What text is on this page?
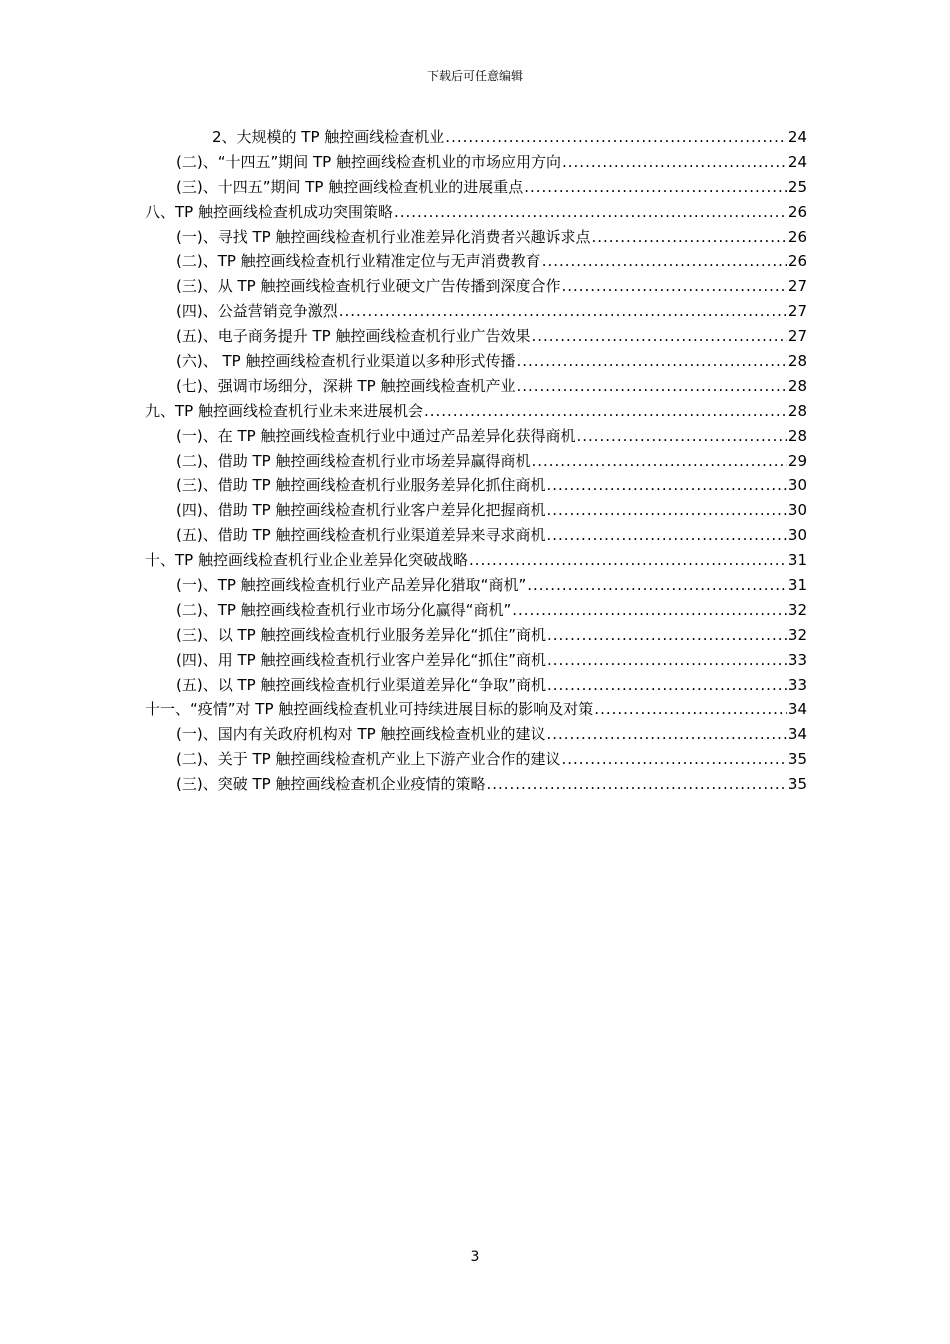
下载后可任意编辑
2、大规模的 TP 触控画线检查机业 .....	24
(二)、“十四五”期间 TP 触控画线检查机业的市场应用方向 .....	24
(三)、十四五”期间 TP 触控画线检查机业的进展重点 .....	25
八、TP 触控画线检查机成功突围策略 .....	26
(一)、寻找 TP 触控画线检查机行业准差异化消费者兴趣诉求点 .....	26
(二)、TP 触控画线检查机行业精准定位与无声消费教育 .....	26
(三)、从 TP 触控画线检查机行业硬文广告传播到深度合作 .....	27
(四)、公益营销竞争激烈 .....	27
(五)、电子商务提升 TP 触控画线检查机行业广告效果 .....	27
(六)、 TP 触控画线检查机行业渠道以多种形式传播 .....	28
(七)、强调市场细分，深耕 TP 触控画线检查机产业 .....	28
九、TP 触控画线检查机行业未来进展机会 .....	28
(一)、在 TP 触控画线检查机行业中通过产品差异化获得商机 .....	28
(二)、借助 TP 触控画线检查机行业市场差异赢得商机 .....	29
(三)、借助 TP 触控画线检查机行业服务差异化抓住商机 .....	30
(四)、借助 TP 触控画线检查机行业客户差异化把握商机 .....	30
(五)、借助 TP 触控画线检查机行业渠道差异来寻求商机 .....	30
十、TP 触控画线检查机行业企业差异化突破战略 .....	31
(一)、TP 触控画线检查机行业产品差异化猎取“商机” .....	31
(二)、TP 触控画线检查机行业市场分化赢得“商机” .....	32
(三)、以 TP 触控画线检查机行业服务差异化“抓住”商机 .....	32
(四)、用 TP 触控画线检查机行业客户差异化“抓住”商机 .....	33
(五)、以 TP 触控画线检查机行业渠道差异化“争取”商机 .....	33
十一、“疫情”对 TP 触控画线检查机业可持续进展目标的影响及对策 .....	34
(一)、国内有关政府机构对 TP 触控画线检查机业的建议 .....	34
(二)、关于 TP 触控画线检查机产业上下游产业合作的建议 .....	35
(三)、突破 TP 触控画线检查机企业疫情的策略 .....	35
3
